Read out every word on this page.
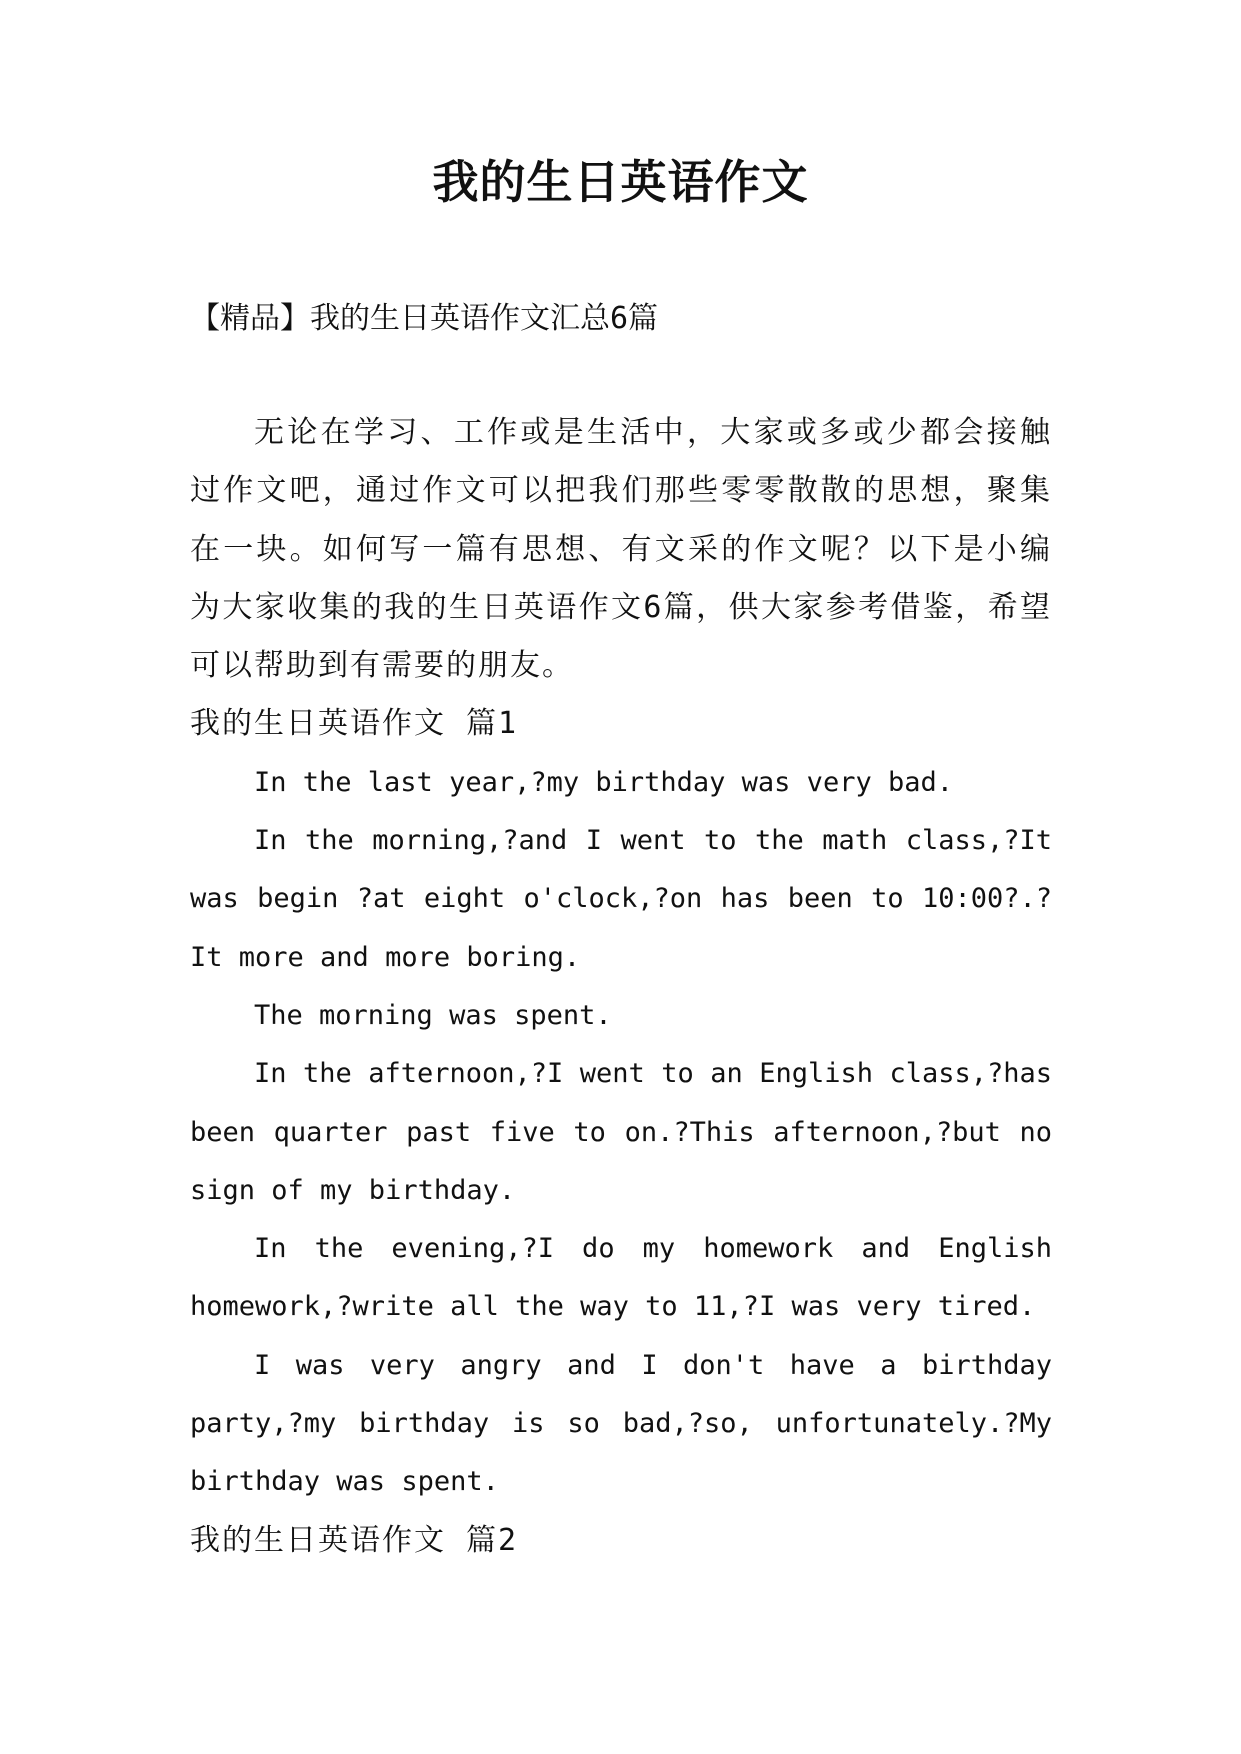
我的生日英语作文

【精品】我的生日英语作文汇总6篇

无论在学习、工作或是生活中，大家或多或少都会接触过作文吧，通过作文可以把我们那些零零散散的思想，聚集在一块。如何写一篇有思想、有文采的作文呢？以下是小编为大家收集的我的生日英语作文6篇，供大家参考借鉴，希望可以帮助到有需要的朋友。

我的生日英语作文 篇1

In the last year,?my birthday was very bad.

In the morning,?and I went to the math class,?It was begin ?at eight o'clock,?on has been to 10:00?.?It more and more boring.

The morning was spent.

In the afternoon,?I went to an English class,?has been quarter past five to on.?This afternoon,?but no sign of my birthday.

In the evening,?I do my homework and English homework,?write all the way to 11,?I was very tired.

I was very angry and I don't have a birthday party,?my birthday is so bad,?so, unfortunately.?My birthday was spent.

我的生日英语作文 篇2
